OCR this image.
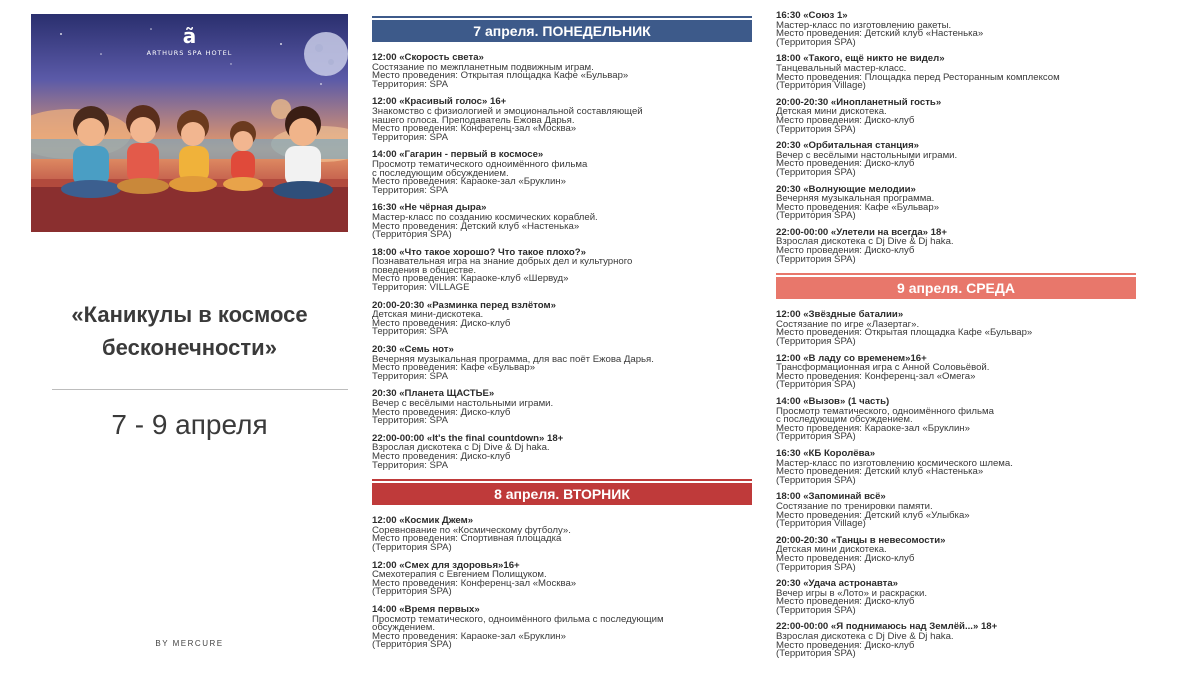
ã
ARTHURS SPA HOTEL
«Каникулы в космосе
бесконечности»
7 - 9 апреля
BY MERCURE
7 апреля. ПОНЕДЕЛЬНИК
12:00 «Скорость света»
Состязание по межпланетным подвижным играм.
Место проведения: Открытая площадка Кафе «Бульвар»
Территория: SPA
12:00 «Красивый голос» 16+
Знакомство с физиологией и эмоциональной составляющей
нашего голоса. Преподаватель Ежова Дарья.
Место проведения: Конференц-зал «Москва»
Территория: SPA
14:00 «Гагарин - первый в космосе»
Просмотр тематического одноимённого фильма
с последующим обсуждением.
Место проведения: Караоке-зал «Бруклин»
Территория: SPA
16:30 «Не чёрная дыра»
Мастер-класс по созданию космических кораблей.
Место проведения: Детский клуб «Настенька»
(Территория SPA)
18:00 «Что такое хорошо? Что такое плохо?»
Познавательная игра на знание добрых дел и культурного
поведения в обществе.
Место проведения: Караоке-клуб «Шервуд»
Территория: VILLAGE
20:00-20:30 «Разминка перед взлётом»
Детская мини-дискотека.
Место проведения: Диско-клуб
Территория: SPA
20:30 «Семь нот»
Вечерняя музыкальная программа, для вас поёт Ежова Дарья.
Место проведения: Кафе «Бульвар»
Территория: SPA
20:30 «Планета ЩАСТЬЕ»
Вечер с весёлыми настольными играми.
Место проведения: Диско-клуб
Территория: SPA
22:00-00:00 «It's the final countdown» 18+
Взрослая дискотека с Dj Dive & Dj haka.
Место проведения: Диско-клуб
Территория: SPA
8 апреля. ВТОРНИК
12:00 «Космик Джем»
Соревнование по «Космическому футболу».
Место проведения: Спортивная площадка
(Территория SPA)
12:00 «Смех для здоровья»16+
Смехотерапия с Евгением Полищуком.
Место проведения: Конференц-зал «Москва»
(Территория SPA)
14:00 «Время первых»
Просмотр тематического, одноимённого фильма с последующим
обсуждением.
Место проведения: Караоке-зал «Бруклин»
(Территория SPA)
16:30 «Союз 1»
Мастер-класс по изготовлению ракеты.
Место проведения: Детский клуб «Настенька»
(Территория SPA)
18:00 «Такого, ещё никто не видел»
Танцевальный мастер-класс.
Место проведения: Площадка перед Ресторанным комплексом
(Территория Village)
20:00-20:30 «Инопланетный гость»
Детская мини дискотека.
Место проведения: Диско-клуб
(Территория SPA)
20:30 «Орбитальная станция»
Вечер с весёлыми настольными играми.
Место проведения: Диско-клуб
(Территория SPA)
20:30 «Волнующие мелодии»
Вечерняя музыкальная программа.
Место проведения: Кафе «Бульвар»
(Территория SPA)
22:00-00:00 «Улетели на всегда» 18+
Взрослая дискотека с Dj Dive & Dj haka.
Место проведения: Диско-клуб
(Территория SPA)
9 апреля. СРЕДА
12:00 «Звёздные баталии»
Состязание по игре «Лазертаг».
Место проведения: Открытая площадка Кафе «Бульвар»
(Территория SPA)
12:00 «В ладу со временем»16+
Трансформационная игра с Анной Соловьёвой.
Место проведения: Конференц-зал «Омега»
(Территория SPA)
14:00 «Вызов» (1 часть)
Просмотр тематического, одноимённого фильма
с последующим обсуждением.
Место проведения: Караоке-зал «Бруклин»
(Территория SPA)
16:30 «КБ Королёва»
Мастер-класс по изготовлению космического шлема.
Место проведения: Детский клуб «Настенька»
(Территория SPA)
18:00 «Запоминай всё»
Состязание по тренировки памяти.
Место проведения: Детский клуб «Улыбка»
(Территория Village)
20:00-20:30 «Танцы в невесомости»
Детская мини дискотека.
Место проведения: Диско-клуб
(Территория SPA)
20:30 «Удача астронавта»
Вечер игры в «Лото» и раскраски.
Место проведения: Диско-клуб
(Территория SPA)
22:00-00:00 «Я поднимаюсь над Землёй...» 18+
Взрослая дискотека с Dj Dive & Dj haka.
Место проведения: Диско-клуб
(Территория SPA)
